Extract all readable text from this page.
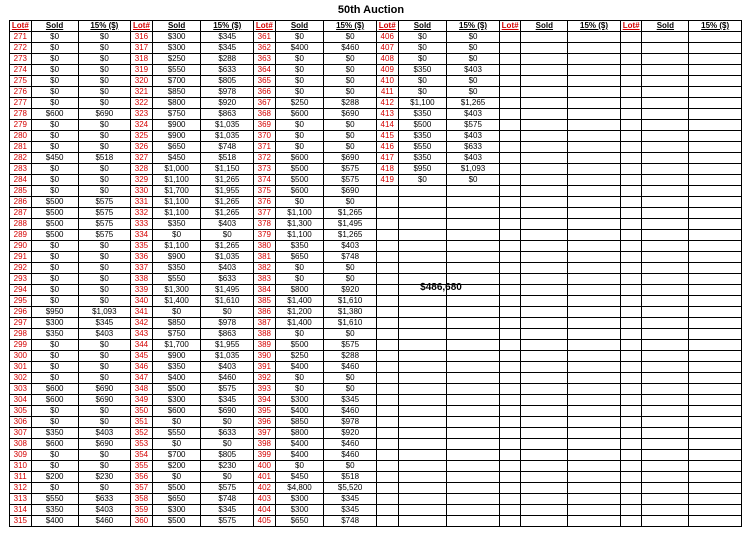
50th Auction
Lot#	Sold	15% ($)	Lot#	Sold	15% ($)	Lot#	Sold	15% ($)	Lot#	Sold	15% ($)	Lot#	Sold	15% ($)	Lot#	Sold	15% ($)
271	$0	$0	316	$300	$345	361	$0	$0	406	$0	$0						
272	$0	$0	317	$300	$345	362	$400	$460	407	$0	$0						
273	$0	$0	318	$250	$288	363	$0	$0	408	$0	$0						
274	$0	$0	319	$550	$633	364	$0	$0	409	$350	$403						
275	$0	$0	320	$700	$805	365	$0	$0	410	$0	$0						
276	$0	$0	321	$850	$978	366	$0	$0	411	$0	$0						
277	$0	$0	322	$800	$920	367	$250	$288	412	$1,100	$1,265						
278	$600	$690	323	$750	$863	368	$600	$690	413	$350	$403						
279	$0	$0	324	$900	$1,035	369	$0	$0	414	$500	$575						
280	$0	$0	325	$900	$1,035	370	$0	$0	415	$350	$403						
281	$0	$0	326	$650	$748	371	$0	$0	416	$550	$633						
282	$450	$518	327	$450	$518	372	$600	$690	417	$350	$403						
283	$0	$0	328	$1,000	$1,150	373	$500	$575	418	$950	$1,093						
284	$0	$0	329	$1,100	$1,265	374	$500	$575	419	$0	$0						
285	$0	$0	330	$1,700	$1,955	375	$600	$690									
286	$500	$575	331	$1,100	$1,265	376	$0	$0									
287	$500	$575	332	$1,100	$1,265	377	$1,100	$1,265									
288	$500	$575	333	$350	$403	378	$1,300	$1,495									
289	$500	$575	334	$0	$0	379	$1,100	$1,265									
290	$0	$0	335	$1,100	$1,265	380	$350	$403									
291	$0	$0	336	$900	$1,035	381	$650	$748									
292	$0	$0	337	$350	$403	382	$0	$0									
293	$0	$0	338	$550	$633	383	$0	$0									
294	$0	$0	339	$1,300	$1,495	384	$800	$920									
295	$0	$0	340	$1,400	$1,610	385	$1,400	$1,610									
296	$950	$1,093	341	$0	$0	386	$1,200	$1,380									
297	$300	$345	342	$850	$978	387	$1,400	$1,610									
298	$350	$403	343	$750	$863	388	$0	$0									
299	$0	$0	344	$1,700	$1,955	389	$500	$575									
300	$0	$0	345	$900	$1,035	390	$250	$288									
301	$0	$0	346	$350	$403	391	$400	$460									
302	$0	$0	347	$400	$460	392	$0	$0									
303	$600	$690	348	$500	$575	393	$0	$0									
304	$600	$690	349	$300	$345	394	$300	$345									
305	$0	$0	350	$600	$690	395	$400	$460									
306	$0	$0	351	$0	$0	396	$850	$978									
307	$350	$403	352	$550	$633	397	$800	$920									
308	$600	$690	353	$0	$0	398	$400	$460									
309	$0	$0	354	$700	$805	399	$400	$460									
310	$0	$0	355	$200	$230	400	$0	$0									
311	$200	$230	356	$0	$0	401	$450	$518									
312	$0	$0	357	$500	$575	402	$4,800	$5,520									
313	$550	$633	358	$650	$748	403	$300	$345									
314	$350	$403	359	$300	$345	404	$300	$345									
315	$400	$460	360	$500	$575	405	$650	$748									
$486,680
